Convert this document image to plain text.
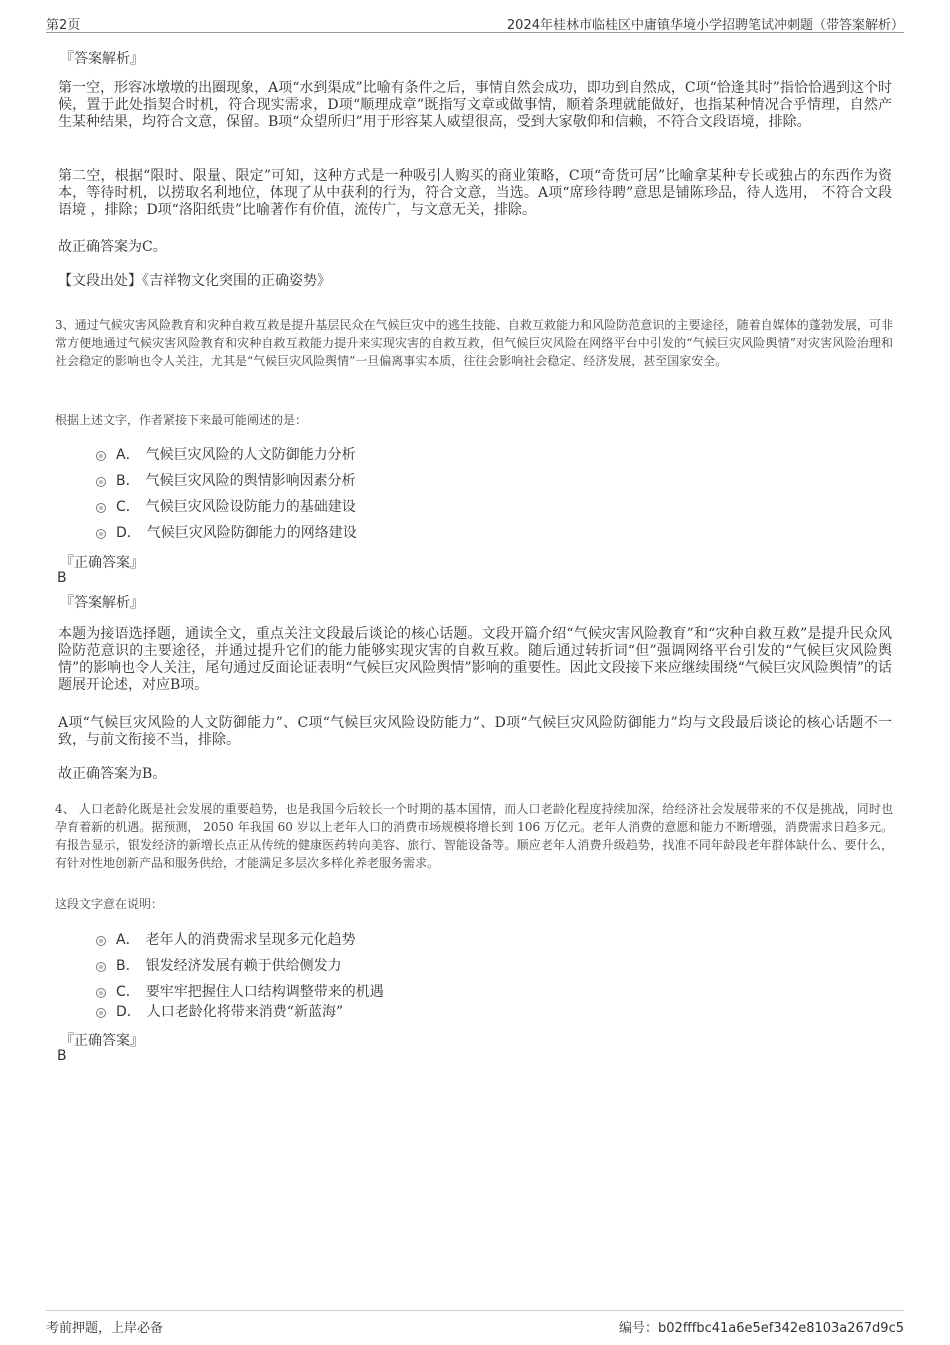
第2页	2024年桂林市临桂区中庸镇华境小学招聘笔试冲刺题（带答案解析）
『答案解析』
第一空，形容冰墩墩的出圈现象，A项“水到渠成”比喻有条件之后，事情自然会成功，即功到自然成，C项“恰逢其时”指恰恰遇到这个时候，置于此处指契合时机，符合现实需求，D项“顺理成章”既指写文章或做事情，顺着条理就能做好，也指某种情况合乎情理，自然产生某种结果，均符合文意，保留。B项“众望所归”用于形容某人威望很高，受到大家敬仰和信赖，不符合文段语境，排除。
第二空，根据“限时、限量、限定”可知，这种方式是一种吸引人购买的商业策略，C项“奇货可居”比喻拿某种专长或独占的东西作为资本，等待时机，以捞取名利地位，体现了从中获利的行为，符合文意，当选。A项“席珍待聘”意思是铺陈珍品，待人选用， 不符合文段语境 ，排除；D项“洛阳纸贵”比喻著作有价值，流传广，与文意无关，排除。
故正确答案为C。
【文段出处】《吉祥物文化突围的正确姿势》
3、通过气候灾害风险教育和灾种自救互救是提升基层民众在气候巨灾中的逃生技能、自救互救能力和风险防范意识的主要途径，随着自媒体的蓬勃发展，可非常方便地通过气候灾害风险教育和灾种自救互救能力提升来实现灾害的自救互救，但气候巨灾风险在网络平台中引发的“气候巨灾风险舆情”对灾害风险治理和社会稳定的影响也令人关注，尤其是“气候巨灾风险舆情”一旦偏离事实本质，往往会影响社会稳定、经济发展，甚至国家安全。
根据上述文字，作者紧接下来最可能阐述的是：
A． 气候巨灾风险的人文防御能力分析
B． 气候巨灾风险的舆情影响因素分析
C． 气候巨灾风险设防能力的基础建设
D． 气候巨灾风险防御能力的网络建设
『正确答案』
B
『答案解析』
本题为接语选择题，通读全文，重点关注文段最后谈论的核心话题。文段开篇介绍“气候灾害风险教育”和“灾种自救互救”是提升民众风险防范意识的主要途径，并通过提升它们的能力能够实现灾害的自救互救。随后通过转折词“但”强调网络平台引发的“气候巨灾风险舆情”的影响也令人关注，尾句通过反面论证表明“气候巨灾风险舆情”影响的重要性。因此文段接下来应继续围绕“气候巨灾风险舆情”的话题展开论述，对应B项。
A项“气候巨灾风险的人文防御能力”、C项“气候巨灾风险设防能力”、D项“气候巨灾风险防御能力”均与文段最后谈论的核心话题不一致，与前文衔接不当，排除。
故正确答案为B。
4、 人口老龄化既是社会发展的重要趋势，也是我国今后较长一个时期的基本国情，而人口老龄化程度持续加深，给经济社会发展带来的不仅是挑战，同时也孕育着新的机遇。据预测， 2050 年我国 60 岁以上老年人口的消费市场规模将增长到 106 万亿元。老年人消费的意愿和能力不断增强，消费需求日趋多元。有报告显示，银发经济的新增长点正从传统的健康医药转向美容、旅行、智能设备等。顺应老年人消费升级趋势，找准不同年龄段老年群体缺什么、要什么，有针对性地创新产品和服务供给，才能满足多层次多样化养老服务需求。
这段文字意在说明：
A． 老年人的消费需求呈现多元化趋势
B． 银发经济发展有赖于供给侧发力
C． 要牢牢把握住人口结构调整带来的机遇
D． 人口老龄化将带来消费“新蓝海”
『正确答案』
B
考前押题，上岸必备	编号：b02fffbc41a6e5ef342e8103a267d9c5
